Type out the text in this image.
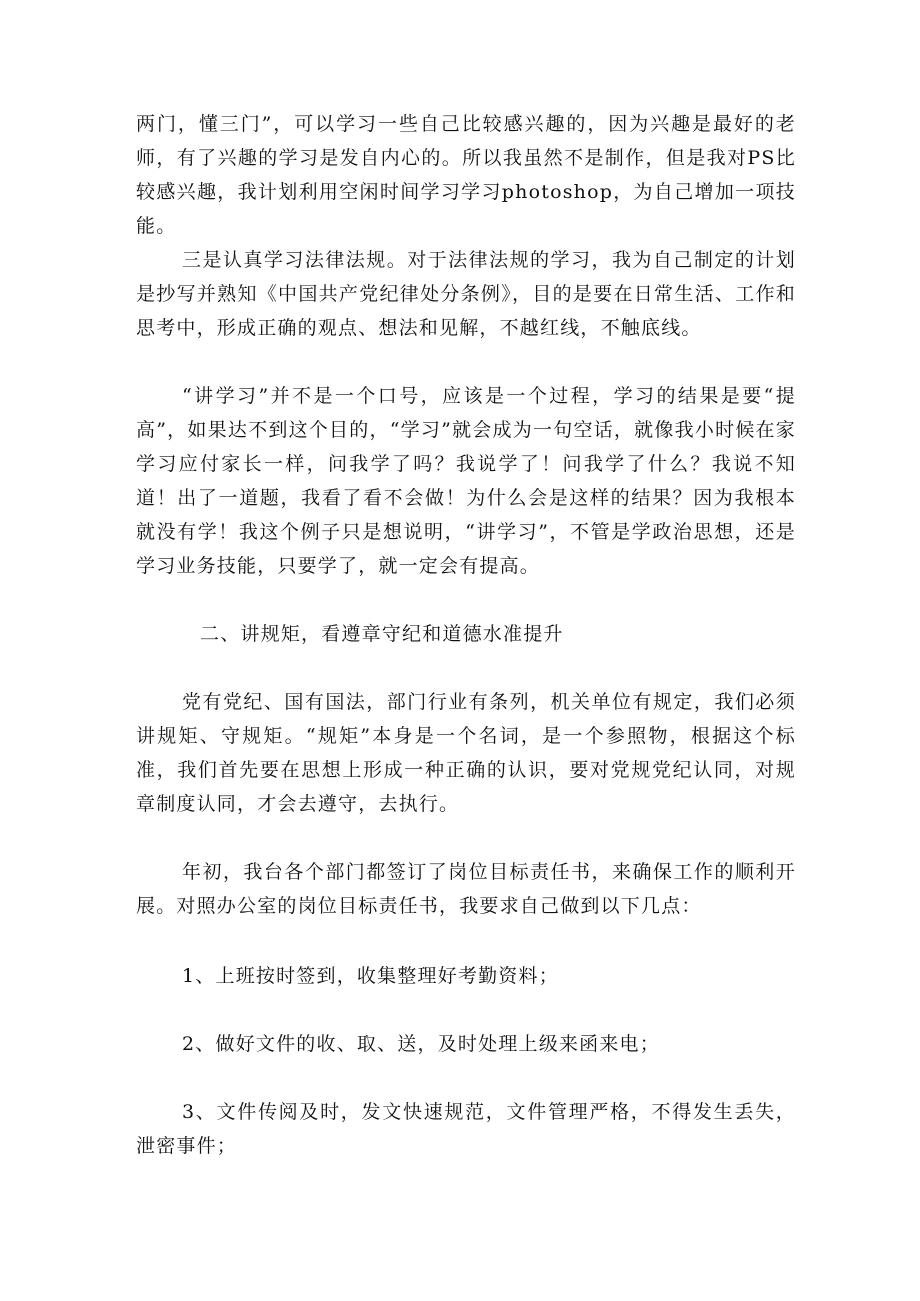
两门，懂三门”，可以学习一些自己比较感兴趣的，因为兴趣是最好的老师，有了兴趣的学习是发自内心的。所以我虽然不是制作，但是我对PS比较感兴趣，我计划利用空闲时间学习学习photoshop，为自己增加一项技能。

三是认真学习法律法规。对于法律法规的学习，我为自己制定的计划是抄写并熟知《中国共产党纪律处分条例》，目的是要在日常生活、工作和思考中，形成正确的观点、想法和见解，不越红线，不触底线。

“讲学习”并不是一个口号，应该是一个过程，学习的结果是要“提高”，如果达不到这个目的，“学习”就会成为一句空话，就像我小时候在家学习应付家长一样，问我学了吗？我说学了！问我学了什么？我说不知道！出了一道题，我看了看不会做！为什么会是这样的结果？因为我根本就没有学！我这个例子只是想说明，“讲学习”，不管是学政治思想，还是学习业务技能，只要学了，就一定会有提高。

二、讲规矩，看遵章守纪和道德水准提升

党有党纪、国有国法，部门行业有条列，机关单位有规定，我们必须讲规矩、守规矩。“规矩”本身是一个名词，是一个参照物，根据这个标准，我们首先要在思想上形成一种正确的认识，要对党规党纪认同，对规章制度认同，才会去遵守，去执行。

年初，我台各个部门都签订了岗位目标责任书，来确保工作的顺利开展。对照办公室的岗位目标责任书，我要求自己做到以下几点：

1、上班按时签到，收集整理好考勤资料；

2、做好文件的收、取、送，及时处理上级来函来电；

3、文件传阅及时，发文快速规范，文件管理严格，不得发生丢失，泄密事件；
